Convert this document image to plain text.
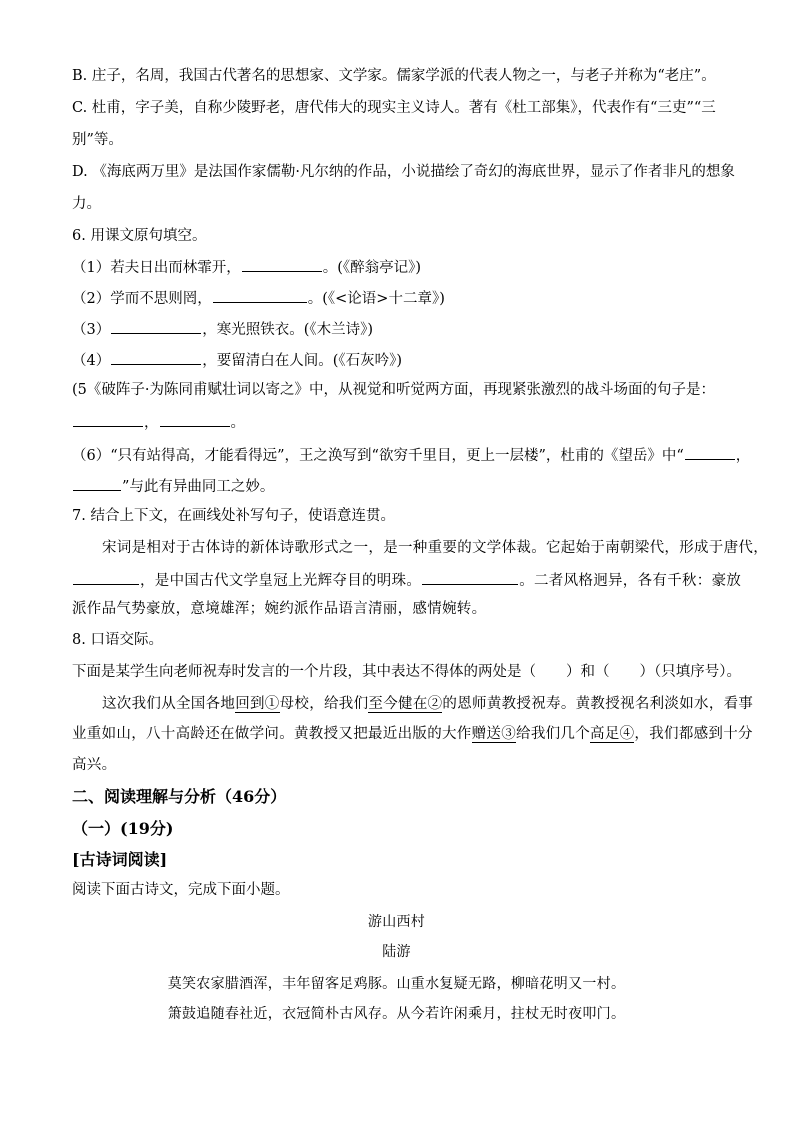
B. 庄子，名周，我国古代著名的思想家、文学家。儒家学派的代表人物之一，与老子并称为“老庄”。
C. 杜甫，字子美，自称少陵野老，唐代伟大的现实主义诗人。著有《杜工部集》，代表作有“三吏”“三
别”等。
D. 《海底两万里》是法国作家儒勒·凡尔纳的作品，小说描绘了奇幻的海底世界，显示了作者非凡的想象
力。
6. 用课文原句填空。
（1）若夫日出而林霏开，	。(《醉翁亭记》)
（2）学而不思则罔，	。(《<论语>十二章》)
（3）	，寒光照铁衣。(《木兰诗》)
（4）	，要留清白在人间。(《石灰吟》)
(5《破阵子·为陈同甫赋壮词以寄之》中，从视觉和听觉两方面，再现紧张激烈的战斗场面的句子是：
，	。
（6）“只有站得高，才能看得远”，王之涣写到“欲穷千里目，更上一层楼”，杜甫的《望岳》中“	，
”与此有异曲同工之妙。
7. 结合上下文，在画线处补写句子，使语意连贯。
宋词是相对于古体诗的新体诗歌形式之一，是一种重要的文学体裁。它起始于南朝梁代，形成于唐代，
，是中国古代文学皇冠上光辉夺目的明珠。	。二者风格迥异，各有千秋：豪放
派作品气势豪放，意境雄浑；婉约派作品语言清丽，感情婉转。
8. 口语交际。
下面是某学生向老师祝寿时发言的一个片段，其中表达不得体的两处是（ ）和（ ）（只填序号）。
这次我们从全国各地回到①母校，给我们至今健在②的恩师黄教授祝寿。黄教授视名利淡如水，看事
业重如山，八十高龄还在做学问。黄教授又把最近出版的大作赠送③给我们几个高足④，我们都感到十分
高兴。
二、阅读理解与分析（46分）
（一）(19分)
[古诗词阅读]
阅读下面古诗文，完成下面小题。
游山西村
陆游
莫笑农家腊酒浑，丰年留客足鸡豚。山重水复疑无路，柳暗花明又一村。
箫鼓追随春社近，衣冠简朴古风存。从今若许闲乘月，拄杖无时夜叩门。
